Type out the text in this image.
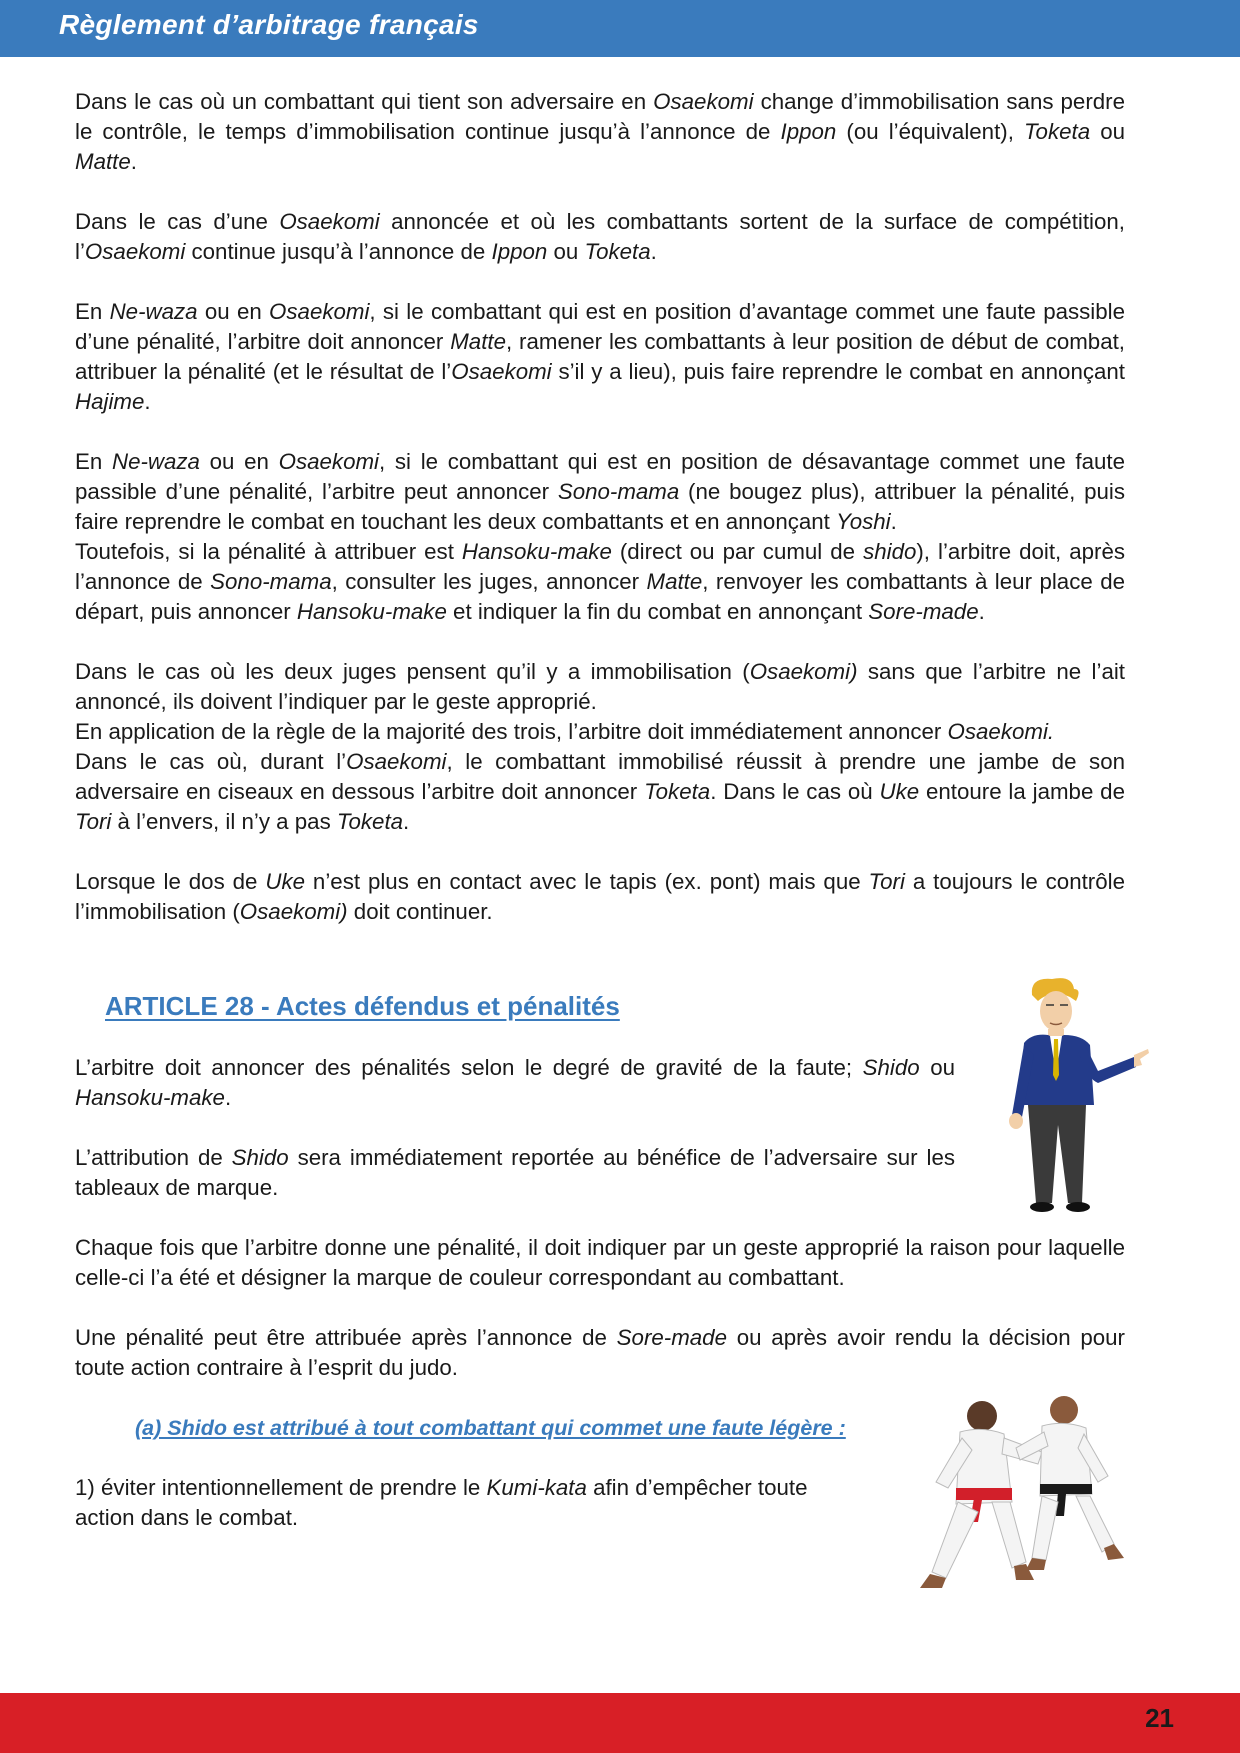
Règlement d’arbitrage français

Dans le cas où un combattant qui tient son adversaire en Osaekomi change d’immobilisation sans perdre le contrôle, le temps d’immobilisation continue jusqu’à l’annonce de Ippon (ou l’équivalent), Toketa ou Matte.

Dans le cas d’une Osaekomi annoncée et où les combattants sortent de la surface de compétition, l’Osaekomi continue jusqu’à l’annonce de Ippon ou Toketa.

En Ne-waza ou en Osaekomi, si le combattant qui est en position d’avantage commet une faute passible d’une pénalité, l’arbitre doit annoncer Matte, ramener les combattants à leur position de début de combat, attribuer la pénalité (et le résultat de l’Osaekomi s’il y a lieu), puis faire reprendre le combat en annonçant Hajime.

En Ne-waza ou en Osaekomi, si le combattant qui est en position de désavantage commet une faute passible d’une pénalité, l’arbitre peut annoncer Sono-mama (ne bougez plus), attribuer la pénalité, puis faire reprendre le combat en touchant les deux combattants et en annonçant Yoshi.

Toutefois, si la pénalité à attribuer est Hansoku-make (direct ou par cumul de shido), l’arbitre doit, après l’annonce de Sono-mama, consulter les juges, annoncer Matte, renvoyer les combattants à leur place de départ, puis annoncer Hansoku-make et indiquer la fin du combat en annonçant Sore-made.

Dans le cas où les deux juges pensent qu’il y a immobilisation (Osaekomi) sans que l’arbitre ne l’ait annoncé, ils doivent l’indiquer par le geste approprié.

En application de la règle de la majorité des trois, l’arbitre doit immédiatement annoncer Osaekomi.

Dans le cas où, durant l’Osaekomi, le combattant immobilisé réussit à prendre une jambe de son adversaire en ciseaux en dessous l’arbitre doit annoncer Toketa. Dans le cas où Uke entoure la jambe de Tori à l’envers, il n’y a pas Toketa.

Lorsque le dos de Uke n’est plus en contact avec le tapis (ex. pont) mais que Tori a toujours le contrôle l’immobilisation (Osaekomi) doit continuer.

ARTICLE 28 - Actes défendus et pénalités

L’arbitre doit annoncer des pénalités selon le degré de gravité de la faute; Shido ou Hansoku-make.

L’attribution de Shido sera immédiatement reportée au bénéfice de l’adversaire sur les tableaux de marque.

Chaque fois que l’arbitre donne une pénalité, il doit indiquer par un geste approprié la raison pour laquelle celle-ci l’a été et désigner la marque de couleur correspondant au combattant.

Une pénalité peut être attribuée après l’annonce de Sore-made ou après avoir rendu la décision pour toute action contraire à l’esprit du judo.

(a) Shido est attribué à tout combattant qui commet une faute légère :

1) éviter intentionnellement de prendre le Kumi-kata afin d’empêcher toute action dans le combat.

21
